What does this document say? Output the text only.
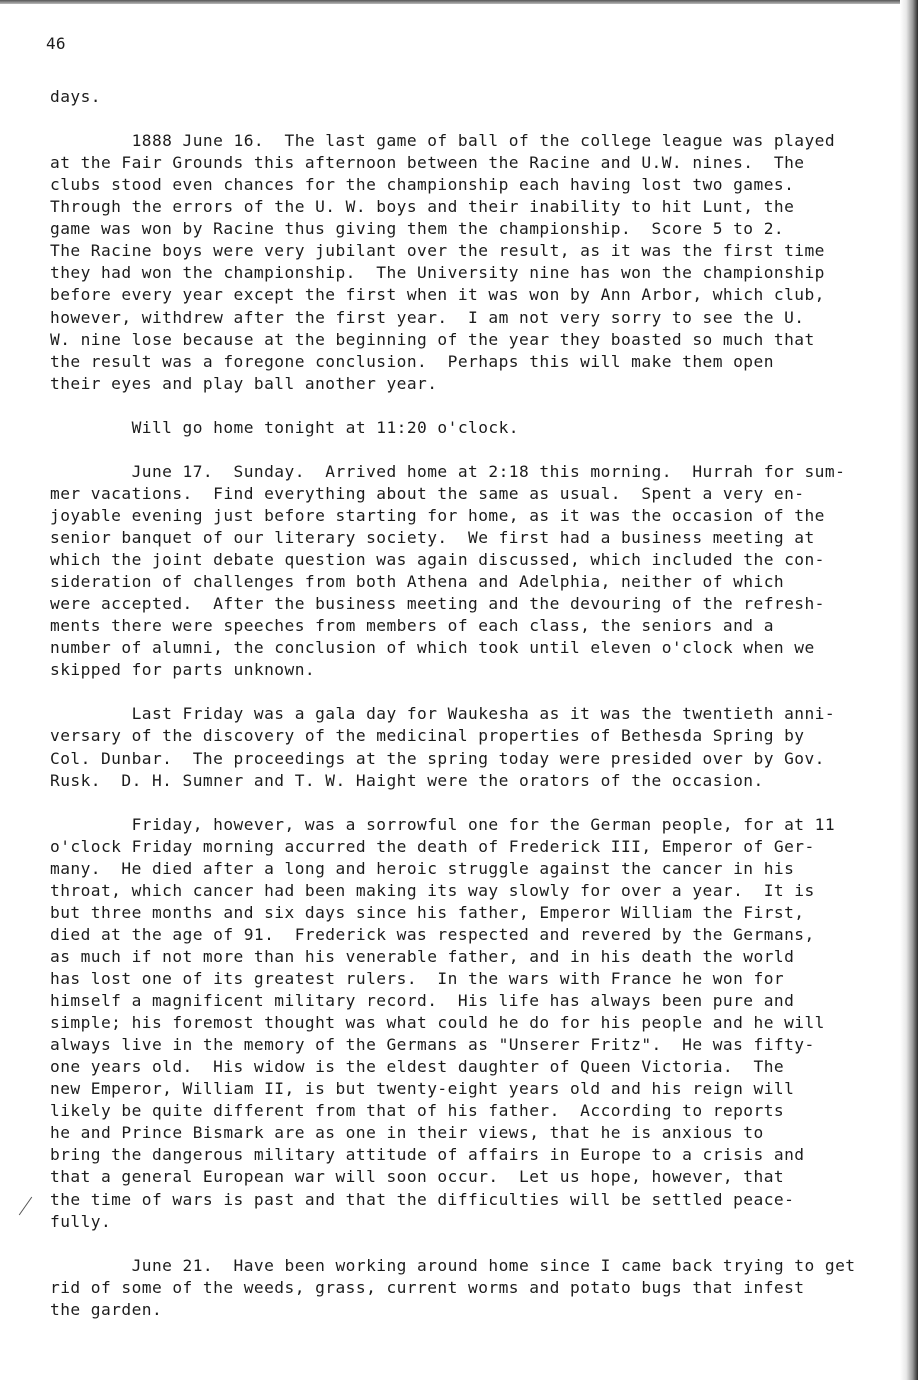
46
days.
1888 June 16.  The last game of ball of the college league was played
at the Fair Grounds this afternoon between the Racine and U.W. nines.  The
clubs stood even chances for the championship each having lost two games.
Through the errors of the U. W. boys and their inability to hit Lunt, the
game was won by Racine thus giving them the championship.  Score 5 to 2.
The Racine boys were very jubilant over the result, as it was the first time
they had won the championship.  The University nine has won the championship
before every year except the first when it was won by Ann Arbor, which club,
however, withdrew after the first year.  I am not very sorry to see the U.
W. nine lose because at the beginning of the year they boasted so much that
the result was a foregone conclusion.  Perhaps this will make them open
their eyes and play ball another year.
Will go home tonight at 11:20 o'clock.
June 17.  Sunday.  Arrived home at 2:18 this morning.  Hurrah for sum-
mer vacations.  Find everything about the same as usual.  Spent a very en-
joyable evening just before starting for home, as it was the occasion of the
senior banquet of our literary society.  We first had a business meeting at
which the joint debate question was again discussed, which included the con-
sideration of challenges from both Athena and Adelphia, neither of which
were accepted.  After the business meeting and the devouring of the refresh-
ments there were speeches from members of each class, the seniors and a
number of alumni, the conclusion of which took until eleven o'clock when we
skipped for parts unknown.
Last Friday was a gala day for Waukesha as it was the twentieth anni-
versary of the discovery of the medicinal properties of Bethesda Spring by
Col. Dunbar.  The proceedings at the spring today were presided over by Gov.
Rusk.  D. H. Sumner and T. W. Haight were the orators of the occasion.
Friday, however, was a sorrowful one for the German people, for at 11
o'clock Friday morning accurred the death of Frederick III, Emperor of Ger-
many.  He died after a long and heroic struggle against the cancer in his
throat, which cancer had been making its way slowly for over a year.  It is
but three months and six days since his father, Emperor William the First,
died at the age of 91.  Frederick was respected and revered by the Germans,
as much if not more than his venerable father, and in his death the world
has lost one of its greatest rulers.  In the wars with France he won for
himself a magnificent military record.  His life has always been pure and
simple; his foremost thought was what could he do for his people and he will
always live in the memory of the Germans as "Unserer Fritz".  He was fifty-
one years old.  His widow is the eldest daughter of Queen Victoria.  The
new Emperor, William II, is but twenty-eight years old and his reign will
likely be quite different from that of his father.  According to reports
he and Prince Bismark are as one in their views, that he is anxious to
bring the dangerous military attitude of affairs in Europe to a crisis and
that a general European war will soon occur.  Let us hope, however, that
the time of wars is past and that the difficulties will be settled peace-
fully.
June 21.  Have been working around home since I came back trying to get
rid of some of the weeds, grass, current worms and potato bugs that infest
the garden.
